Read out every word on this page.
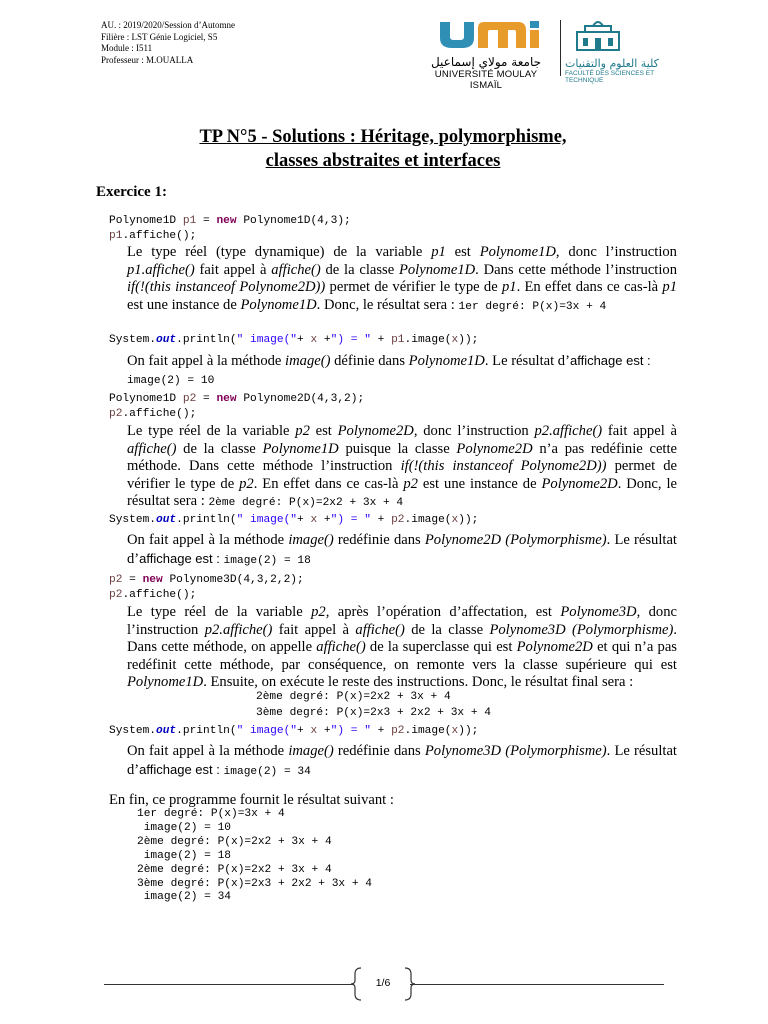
AU. : 2019/2020/Session d’Automne
Filière : LST Génie Logiciel, S5
Module : I511
Professeur : M.OUALLA	جامعة مولاي إسماعيل
UNIVERSITÉ MOULAY ISMAÏL
كلية العلوم والتقنيات
FACULTÉ DES SCIENCES ET TECHNIQUE
TP N°5 - Solutions : Héritage, polymorphisme,
classes abstraites et interfaces
Exercice 1:
Polynome1D p1 = new Polynome1D(4,3);
p1.affiche();
Le type réel (type dynamique) de la variable p1 est Polynome1D, donc l’instruction p1.affiche() fait appel à affiche() de la classe Polynome1D. Dans cette méthode l’instruction if(!(this instanceof Polynome2D)) permet de vérifier le type de p1. En effet dans ce cas-là p1 est une instance de Polynome1D. Donc, le résultat sera : 1er degré: P(x)=3x + 4
System.out.println(" image("+ x +") = " + p1.image(x));
On fait appel à la méthode image() définie dans Polynome1D. Le résultat d’affichage est :
image(2) = 10
Polynome1D p2 = new Polynome2D(4,3,2);
p2.affiche();
Le type réel de la variable p2 est Polynome2D, donc l’instruction p2.affiche() fait appel à affiche() de la classe Polynome1D puisque la classe Polynome2D n’a pas redéfinie cette méthode. Dans cette méthode l’instruction if(!(this instanceof Polynome2D)) permet de vérifier le type de p2. En effet dans ce cas-là p2 est une instance de Polynome2D. Donc, le résultat sera : 2ème degré: P(x)=2x2 + 3x + 4
System.out.println(" image("+ x +") = " + p2.image(x));
On fait appel à la méthode image() redéfinie dans Polynome2D (Polymorphisme). Le résultat d’affichage est : image(2) = 18
p2 = new Polynome3D(4,3,2,2);
p2.affiche();
Le type réel de la variable p2, après l’opération d’affectation, est Polynome3D, donc l’instruction p2.affiche() fait appel à affiche() de la classe Polynome3D (Polymorphisme). Dans cette méthode, on appelle affiche() de la superclasse qui est Polynome2D et qui n’a pas redéfinit cette méthode, par conséquence, on remonte vers la classe supérieure qui est Polynome1D. Ensuite, on exécute le reste des instructions. Donc, le résultat final sera :
2ème degré: P(x)=2x2 + 3x + 4
3ème degré: P(x)=2x3 + 2x2 + 3x + 4
System.out.println(" image("+ x +") = " + p2.image(x));
On fait appel à la méthode image() redéfinie dans Polynome3D (Polymorphisme). Le résultat d’affichage est : image(2) = 34
En fin, ce programme fournit le résultat suivant :
1er degré: P(x)=3x + 4
image(2) = 10
2ème degré: P(x)=2x2 + 3x + 4
image(2) = 18
2ème degré: P(x)=2x2 + 3x + 4
3ème degré: P(x)=2x3 + 2x2 + 3x + 4
image(2) = 34
1/6
